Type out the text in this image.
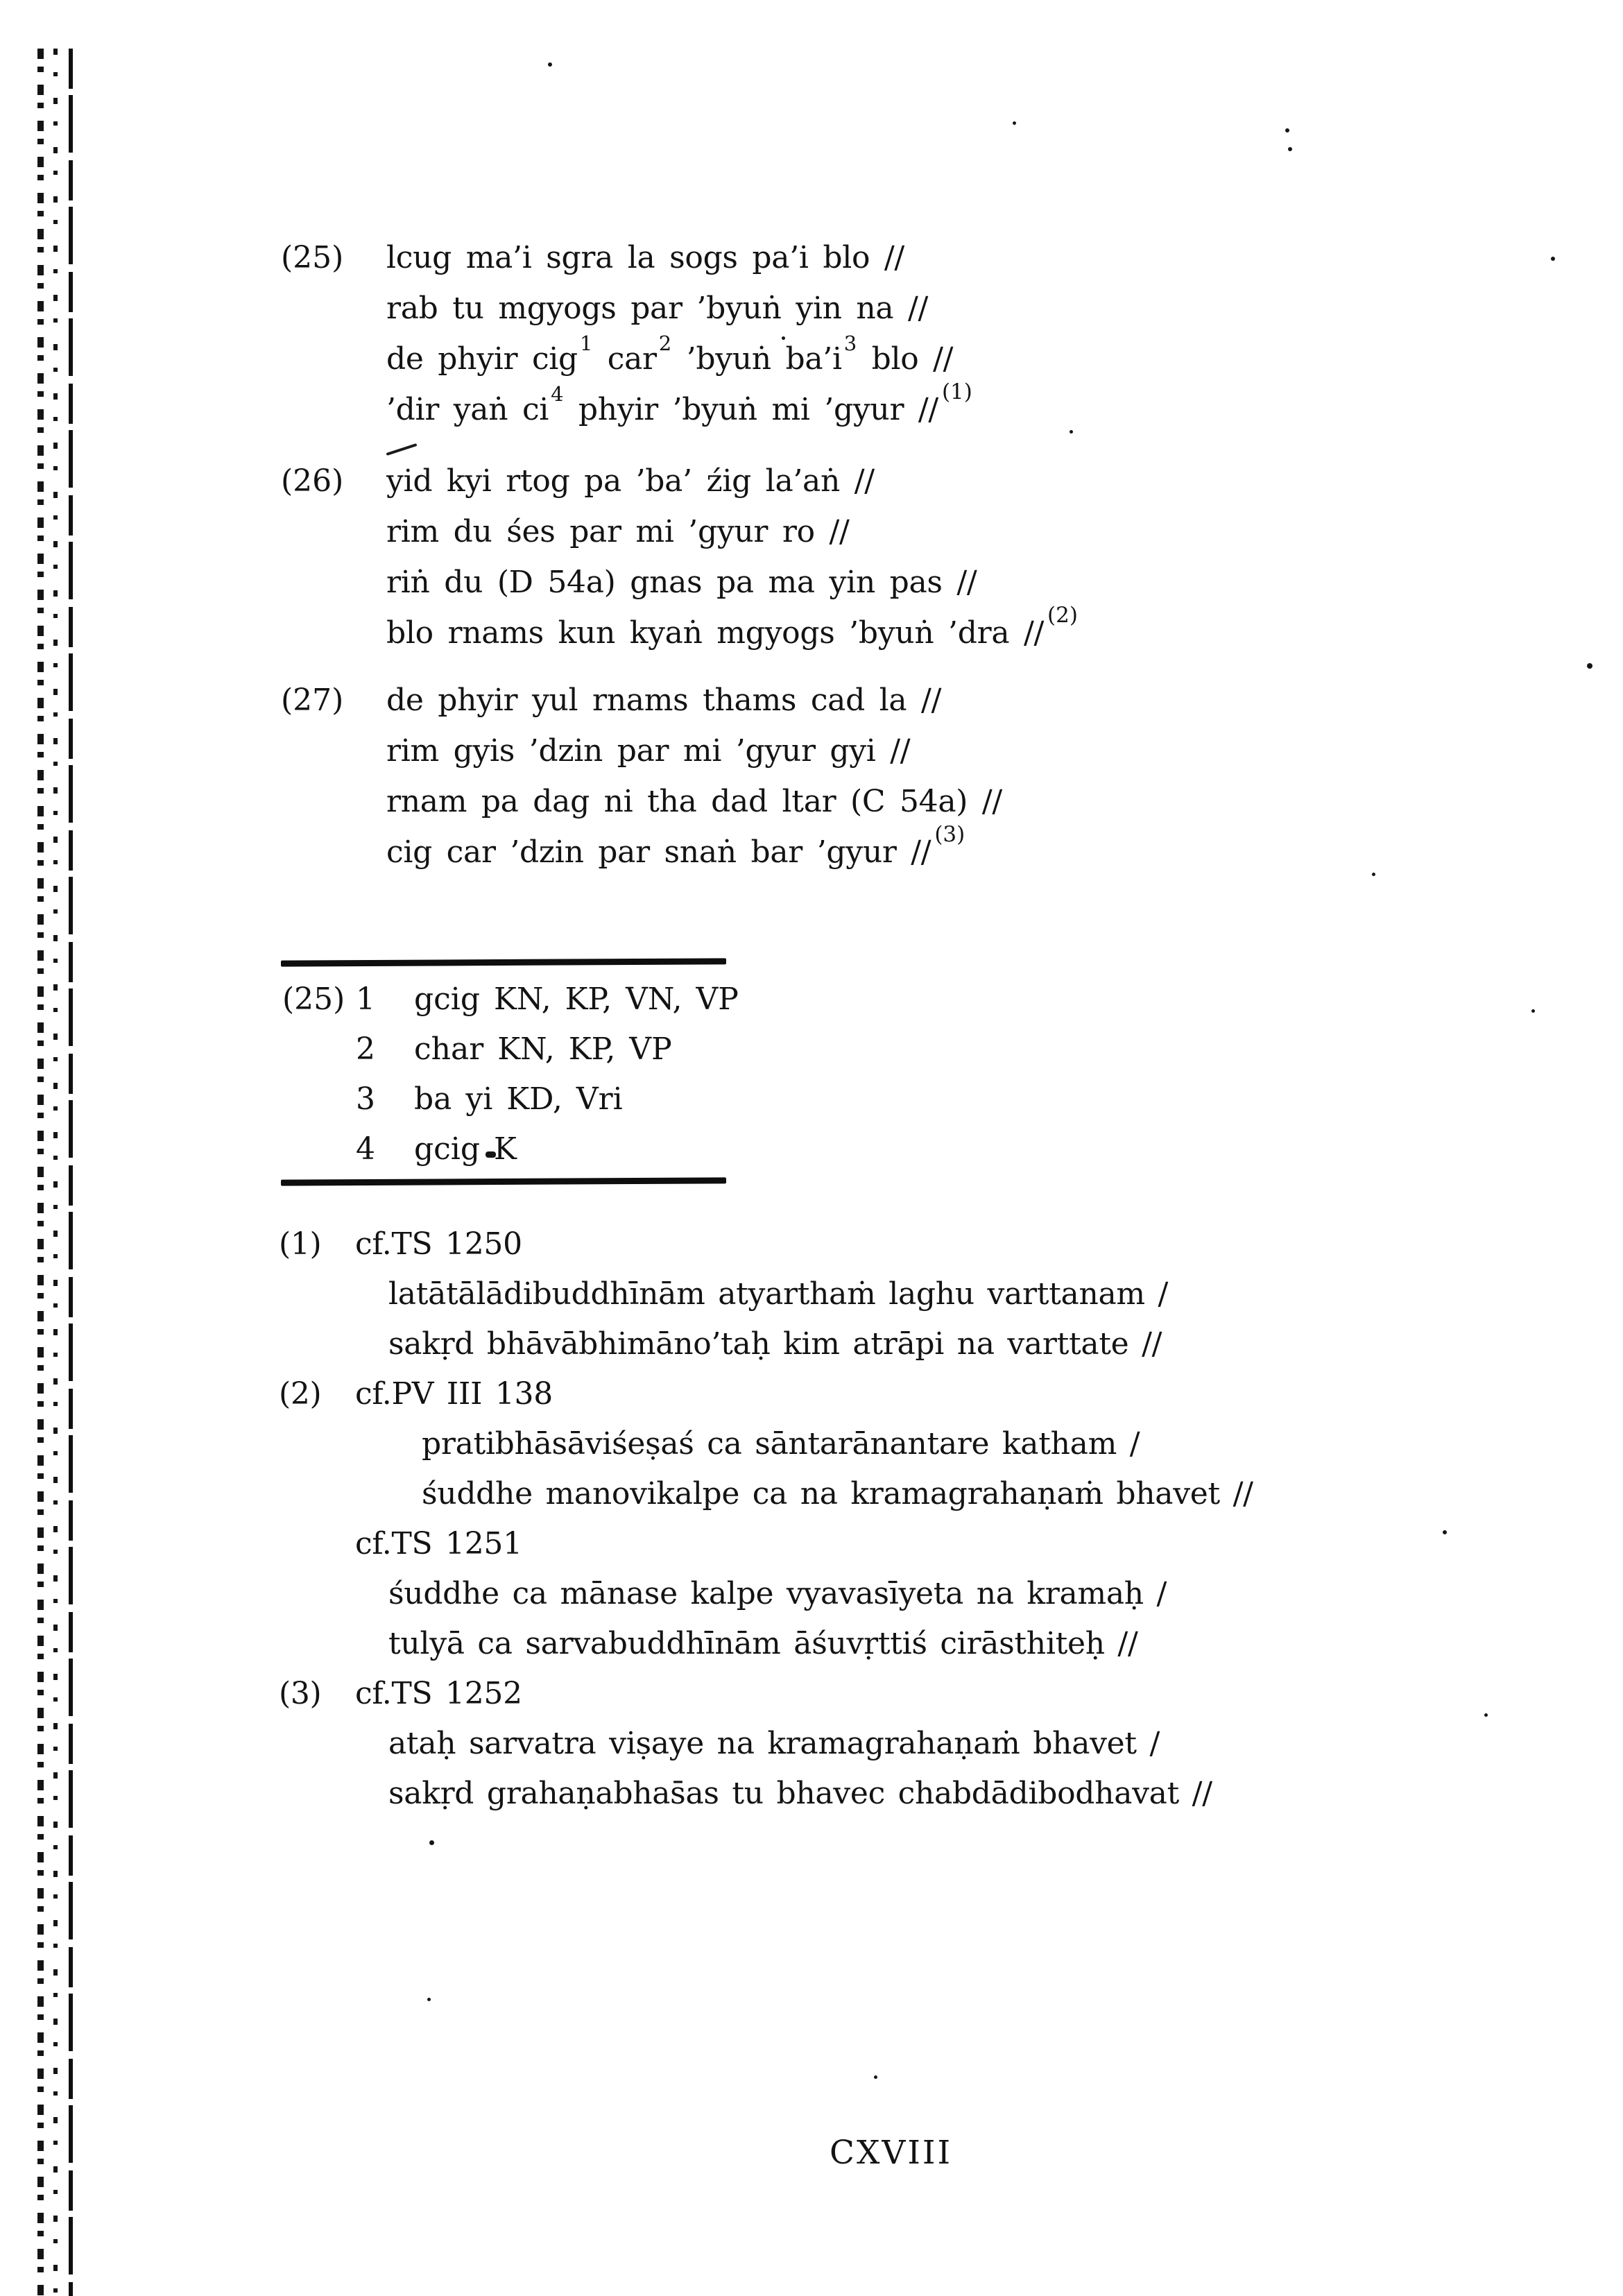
(25)	lcug ma’i sgra la sogs pa’i blo //
rab tu mgyogs par ’byuṅ yin na //
de phyir cig 1 car 2 ’byuṅ ba’i 3 blo //
’dir yaṅ ci 4 phyir ’byuṅ mi ’gyur // (1)
(26)	yid kyi rtog pa ’ba’ źig la’aṅ //
rim du śes par mi ’gyur ro //
riṅ du (D 54a) gnas pa ma yin pas //
blo rnams kun kyaṅ mgyogs ’byuṅ ’dra // (2)
(27)	de phyir yul rnams thams cad la //
rim gyis ’dzin par mi ’gyur gyi //
rnam pa dag ni tha dad ltar (C 54a) //
cig car ’dzin par snaṅ bar ’gyur // (3)
(25) 1 gcig KN, KP, VN, VP
2 char KN, KP, VP
3 ba yi KD, Vri
4 gcig K
(1) cf.TS 1250
latātālādibuddhīnām atyarthaṁ laghu varttanam /
sakṛd bhāvābhimāno’taḥ kim atrāpi na varttate //
(2) cf.PV III 138
pratibhāsāviśeṣaś ca sāntarānantare katham /
śuddhe manovikalpe ca na kramagrahaṇaṁ bhavet //
cf.TS 1251
śuddhe ca mānase kalpe vyavasīyeta na kramaḥ /
tulyā ca sarvabuddhīnām āśuvṛttiś cirāsthiteḥ //
(3) cf.TS 1252
ataḥ sarvatra viṣaye na kramagrahaṇaṁ bhavet /
sakṛd grahaṇabhas̄as tu bhavec chabdādibodhavat //
CXVIII
